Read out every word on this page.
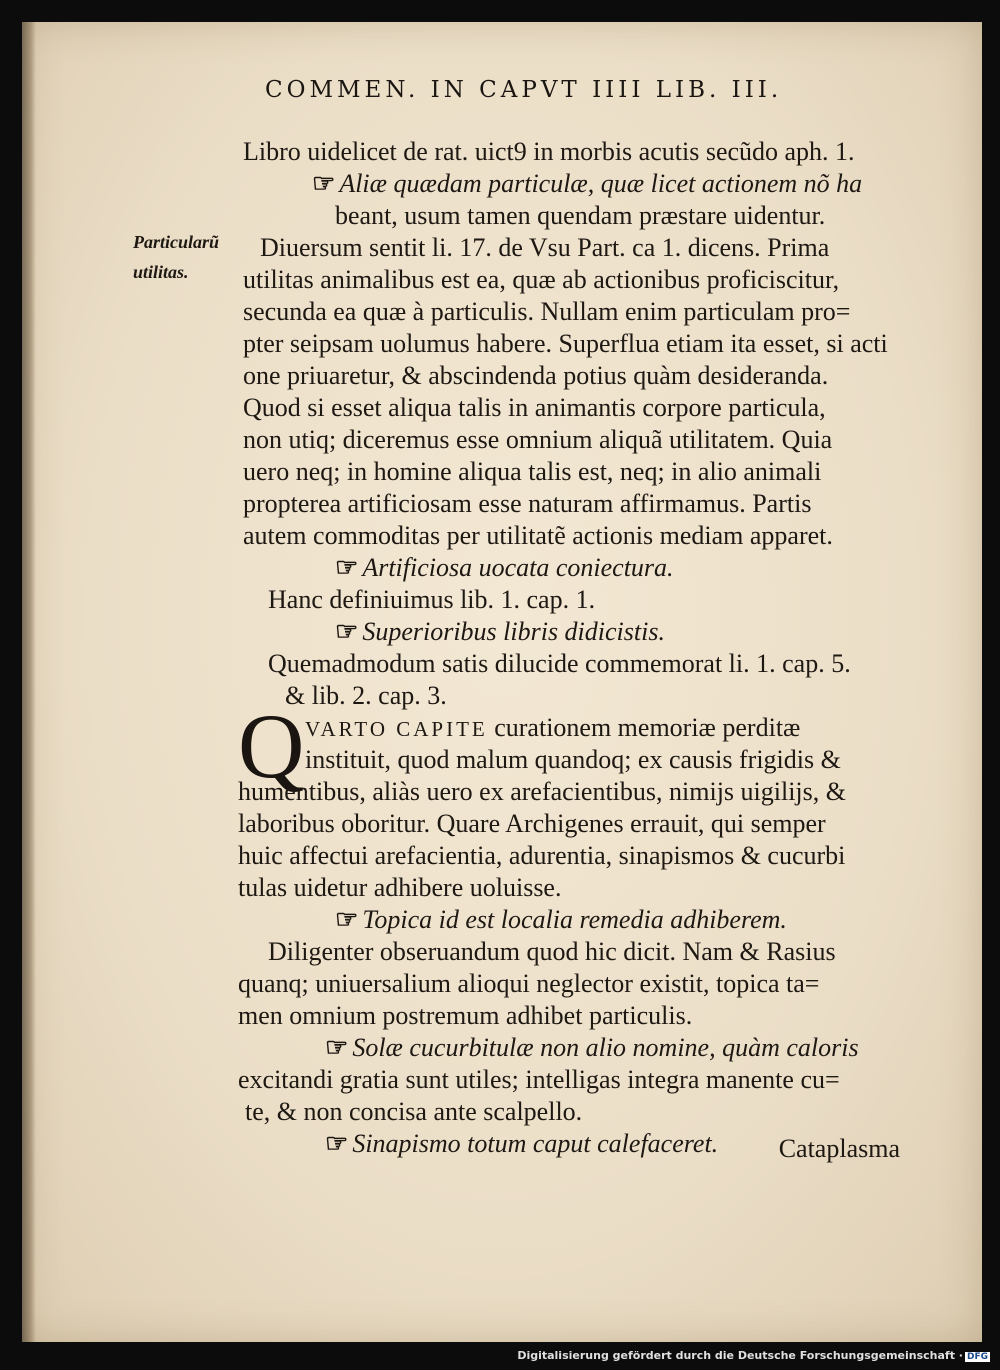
COMMEN. IN CAPVT IIII LIB. III.
Particularũ
utilitas.
Libro uidelicet de rat. uict9 in morbis acutis secũdo aph. 1.
☞ Aliæ quædam particulæ, quæ licet actionem nõ ha
beant, usum tamen quendam præstare uidentur.
Diuersum sentit li. 17. de Vsu Part. ca 1. dicens. Prima
utilitas animalibus est ea, quæ ab actionibus proficiscitur,
secunda ea quæ à particulis. Nullam enim particulam pro=
pter seipsam uolumus habere. Superflua etiam ita esset, si acti
one priuaretur, & abscindenda potius quàm desideranda.
Quod si esset aliqua talis in animantis corpore particula,
non utiq; diceremus esse omnium aliquã utilitatem. Quia
uero neq; in homine aliqua talis est, neq; in alio animali
propterea artificiosam esse naturam affirmamus. Partis
autem commoditas per utilitatẽ actionis mediam apparet.
☞ Artificiosa uocata coniectura.
Hanc definiuimus lib. 1. cap. 1.
☞ Superioribus libris didicistis.
Quemadmodum satis dilucide commemorat li. 1. cap. 5.
& lib. 2. cap. 3.
Q VARTO CAPITE curationem memoriæ perditæ
instituit, quod malum quandoq; ex causis frigidis &
humentibus, aliàs uero ex arefacientibus, nimijs uigilijs, &
laboribus oboritur. Quare Archigenes errauit, qui semper
huic affectui arefacientia, adurentia, sinapismos & cucurbi
tulas uidetur adhibere uoluisse.
☞ Topica id est localia remedia adhiberem.
Diligenter obseruandum quod hic dicit. Nam & Rasius
quanq; uniuersalium alioqui neglector existit, topica ta=
men omnium postremum adhibet particulis.
☞ Solæ cucurbitulæ non alio nomine, quàm caloris
excitandi gratia sunt utiles; intelligas integra manente cu=
te, & non concisa ante scalpello.
☞ Sinapismo totum caput calefaceret. Cataplasma
Digitalisierung gefördert durch die Deutsche Forschungsgemeinschaft · DFG
